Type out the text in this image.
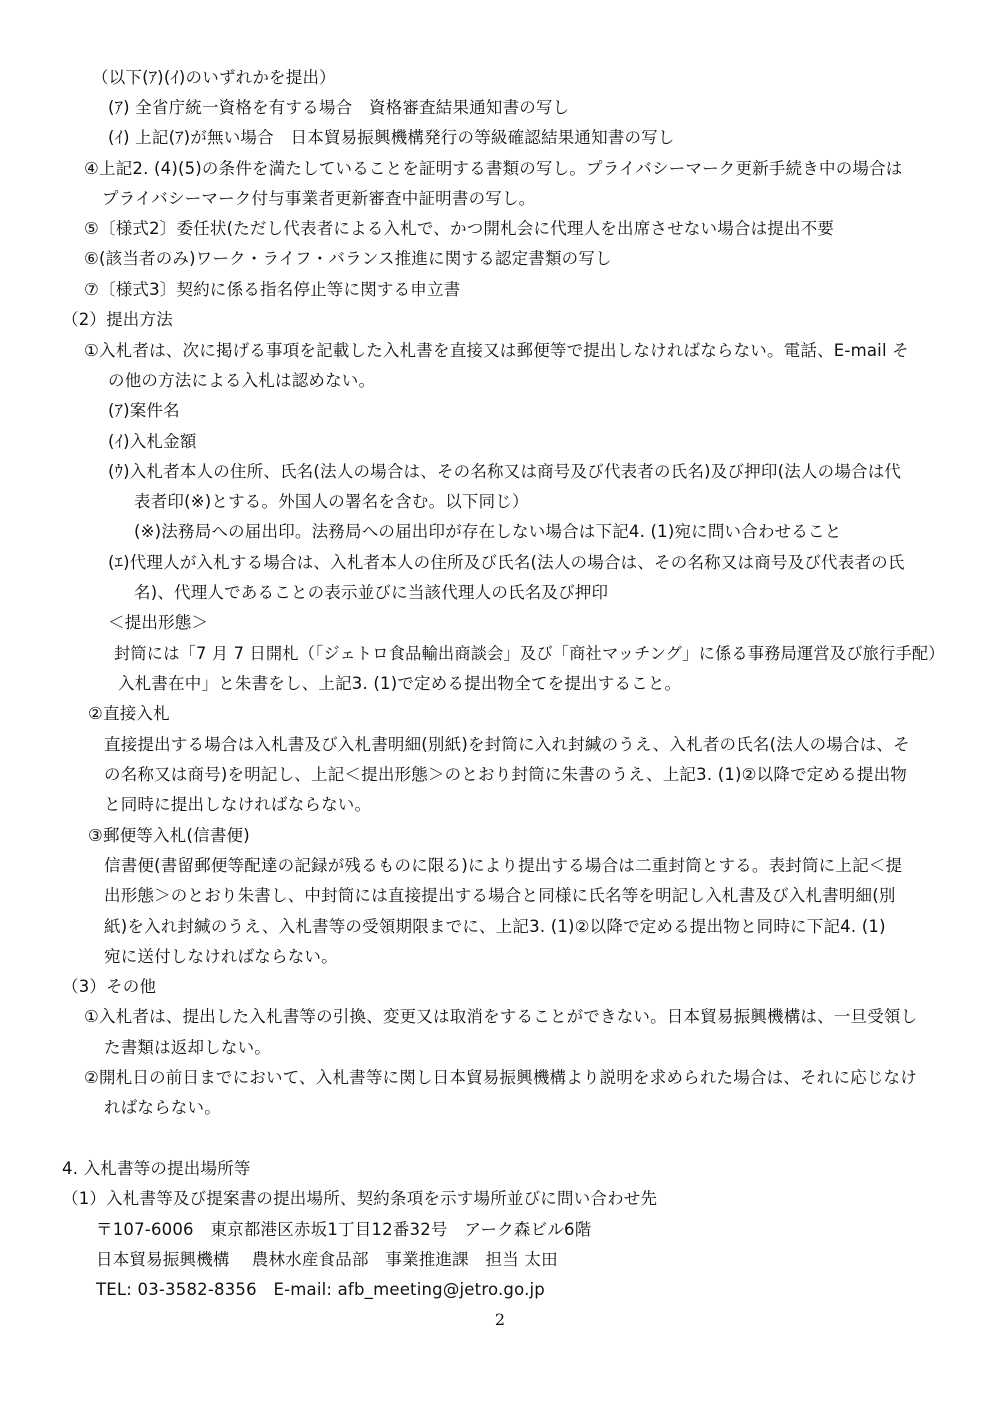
（以下(ｱ)(ｲ)のいずれかを提出）
(ｱ) 全省庁統一資格を有する場合　資格審査結果通知書の写し
(ｲ) 上記(ｱ)が無い場合　日本貿易振興機構発行の等級確認結果通知書の写し
④上記2. (4)(5)の条件を満たしていることを証明する書類の写し。プライバシーマーク更新手続き中の場合は
プライバシーマーク付与事業者更新審査中証明書の写し。
⑤〔様式2〕委任状(ただし代表者による入札で、かつ開札会に代理人を出席させない場合は提出不要
⑥(該当者のみ)ワーク・ライフ・バランス推進に関する認定書類の写し
⑦〔様式3〕契約に係る指名停止等に関する申立書
（2）提出方法
①入札者は、次に掲げる事項を記載した入札書を直接又は郵便等で提出しなければならない。電話、E-mail そ
の他の方法による入札は認めない。
(ｱ)案件名
(ｲ)入札金額
(ｳ)入札者本人の住所、氏名(法人の場合は、その名称又は商号及び代表者の氏名)及び押印(法人の場合は代
表者印(※)とする。外国人の署名を含む。以下同じ）
(※)法務局への届出印。法務局への届出印が存在しない場合は下記4. (1)宛に問い合わせること
(ｴ)代理人が入札する場合は、入札者本人の住所及び氏名(法人の場合は、その名称又は商号及び代表者の氏
名)、代理人であることの表示並びに当該代理人の氏名及び押印
＜提出形態＞
封筒には「7 月 7 日開札（「ジェトロ食品輸出商談会」及び「商社マッチング」に係る事務局運営及び旅行手配）
入札書在中」と朱書をし、上記3. (1)で定める提出物全てを提出すること。
②直接入札
直接提出する場合は入札書及び入札書明細(別紙)を封筒に入れ封緘のうえ、入札者の氏名(法人の場合は、そ
の名称又は商号)を明記し、上記＜提出形態＞のとおり封筒に朱書のうえ、上記3. (1)②以降で定める提出物
と同時に提出しなければならない。
③郵便等入札(信書便)
信書便(書留郵便等配達の記録が残るものに限る)により提出する場合は二重封筒とする。表封筒に上記＜提
出形態＞のとおり朱書し、中封筒には直接提出する場合と同様に氏名等を明記し入札書及び入札書明細(別
紙)を入れ封緘のうえ、入札書等の受領期限までに、上記3. (1)②以降で定める提出物と同時に下記4. (1)
宛に送付しなければならない。
（3）その他
①入札者は、提出した入札書等の引換、変更又は取消をすることができない。日本貿易振興機構は、一旦受領し
た書類は返却しない。
②開札日の前日までにおいて、入札書等に関し日本貿易振興機構より説明を求められた場合は、それに応じなけ
ればならない。
4. 入札書等の提出場所等
（1）入札書等及び提案書の提出場所、契約条項を示す場所並びに問い合わせ先
〒107-6006　東京都港区赤坂1丁目12番32号　アーク森ビル6階
日本貿易振興機構　 農林水産食品部　事業推進課　担当 太田
TEL: 03-3582-8356　E-mail: afb_meeting@jetro.go.jp
2
